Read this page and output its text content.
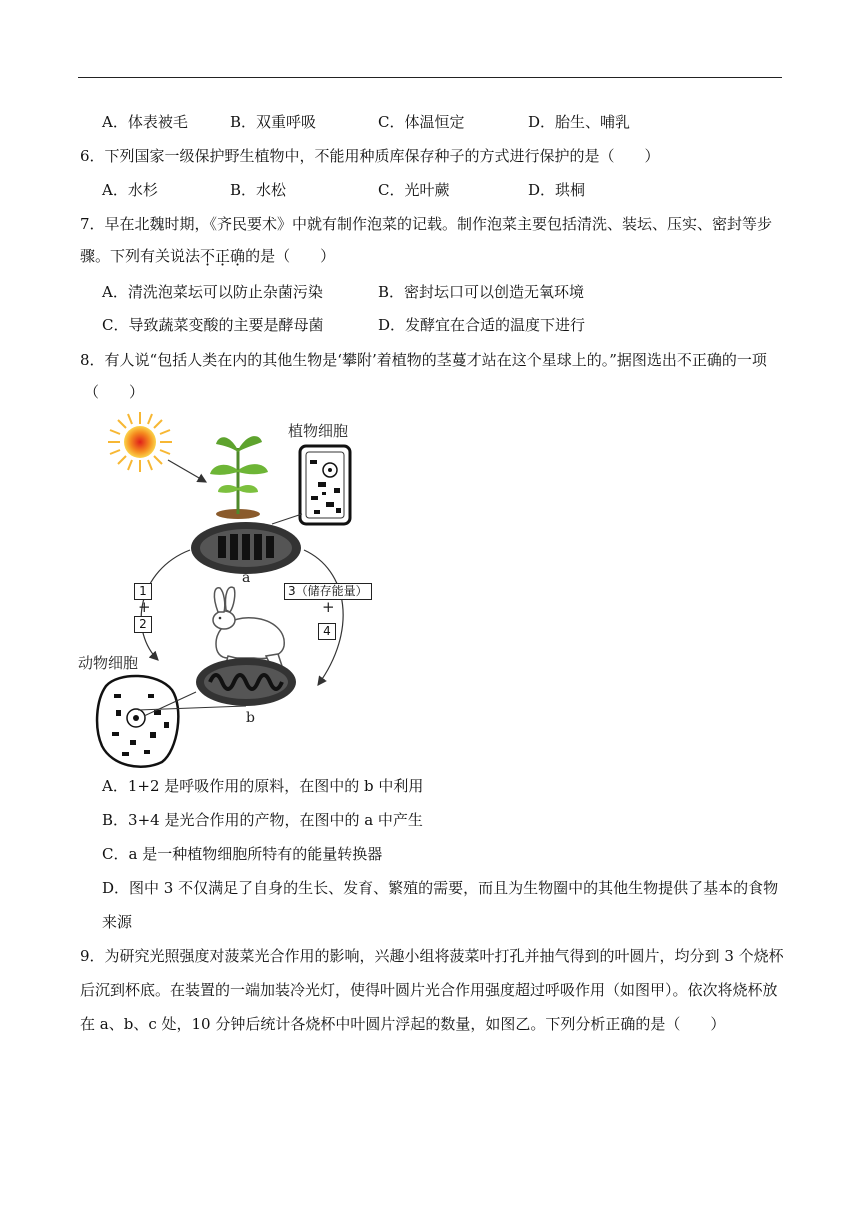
A．体表被毛	B．双重呼吸	C．体温恒定	D．胎生、哺乳
6．下列国家一级保护野生植物中，不能用种质库保存种子的方式进行保护的是（　　）
A．水杉	B．水松	C．光叶蕨	D．珙桐
7．早在北魏时期，《齐民要术》中就有制作泡菜的记载。制作泡菜主要包括清洗、装坛、压实、密封等步
骤。下列有关说法不正确的是（　　）
A．清洗泡菜坛可以防止杂菌污染	B．密封坛口可以创造无氧环境
C．导致蔬菜变酸的主要是酵母菌	D．发酵宜在合适的温度下进行
8．有人说“包括人类在内的其他生物是‘攀附’着植物的茎蔓才站在这个星球上的。”据图选出不正确的一项
（　　）
植物细胞
a
b
动物细胞
1
+
2
3（储存能量）
+
4
A．1+2 是呼吸作用的原料，在图中的 b 中利用
B．3+4 是光合作用的产物，在图中的 a 中产生
C．a 是一种植物细胞所特有的能量转换器
D．图中 3 不仅满足了自身的生长、发育、繁殖的需要，而且为生物圈中的其他生物提供了基本的食物
来源
9．为研究光照强度对菠菜光合作用的影响，兴趣小组将菠菜叶打孔并抽气得到的叶圆片，均分到 3 个烧杯
后沉到杯底。在装置的一端加装冷光灯，使得叶圆片光合作用强度超过呼吸作用（如图甲）。依次将烧杯放
在 a、b、c 处，10 分钟后统计各烧杯中叶圆片浮起的数量，如图乙。下列分析正确的是（　　）
